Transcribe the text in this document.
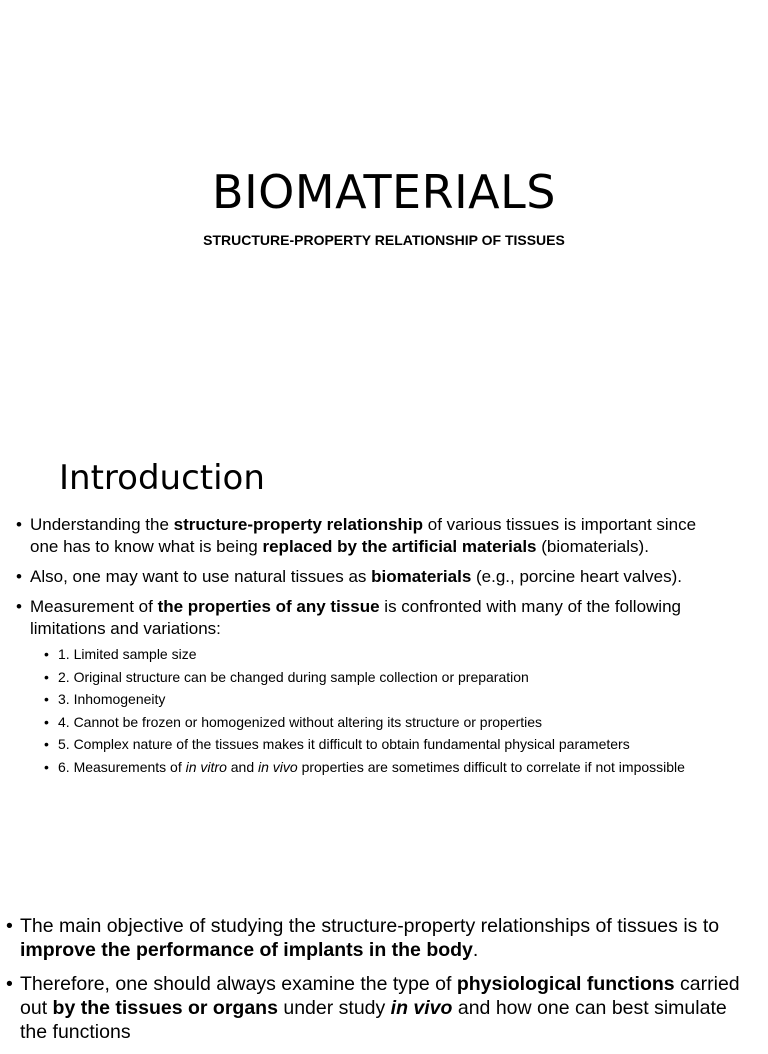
BIOMATERIALS
STRUCTURE-PROPERTY RELATIONSHIP OF TISSUES
Introduction
• Understanding the structure-property relationship of various tissues is important since one has to know what is being replaced by the artificial materials (biomaterials).
• Also, one may want to use natural tissues as biomaterials (e.g., porcine heart valves).
• Measurement of the properties of any tissue is confronted with many of the following limitations and variations:
• 1. Limited sample size
• 2. Original structure can be changed during sample collection or preparation
• 3. Inhomogeneity
• 4. Cannot be frozen or homogenized without altering its structure or properties
• 5. Complex nature of the tissues makes it difficult to obtain fundamental physical parameters
• 6. Measurements of in vitro and in vivo properties are sometimes difficult to correlate if not impossible
• The main objective of studying the structure-property relationships of tissues is to improve the performance of implants in the body.
• Therefore, one should always examine the type of physiological functions carried out by the tissues or organs under study in vivo and how one can best simulate the functions
